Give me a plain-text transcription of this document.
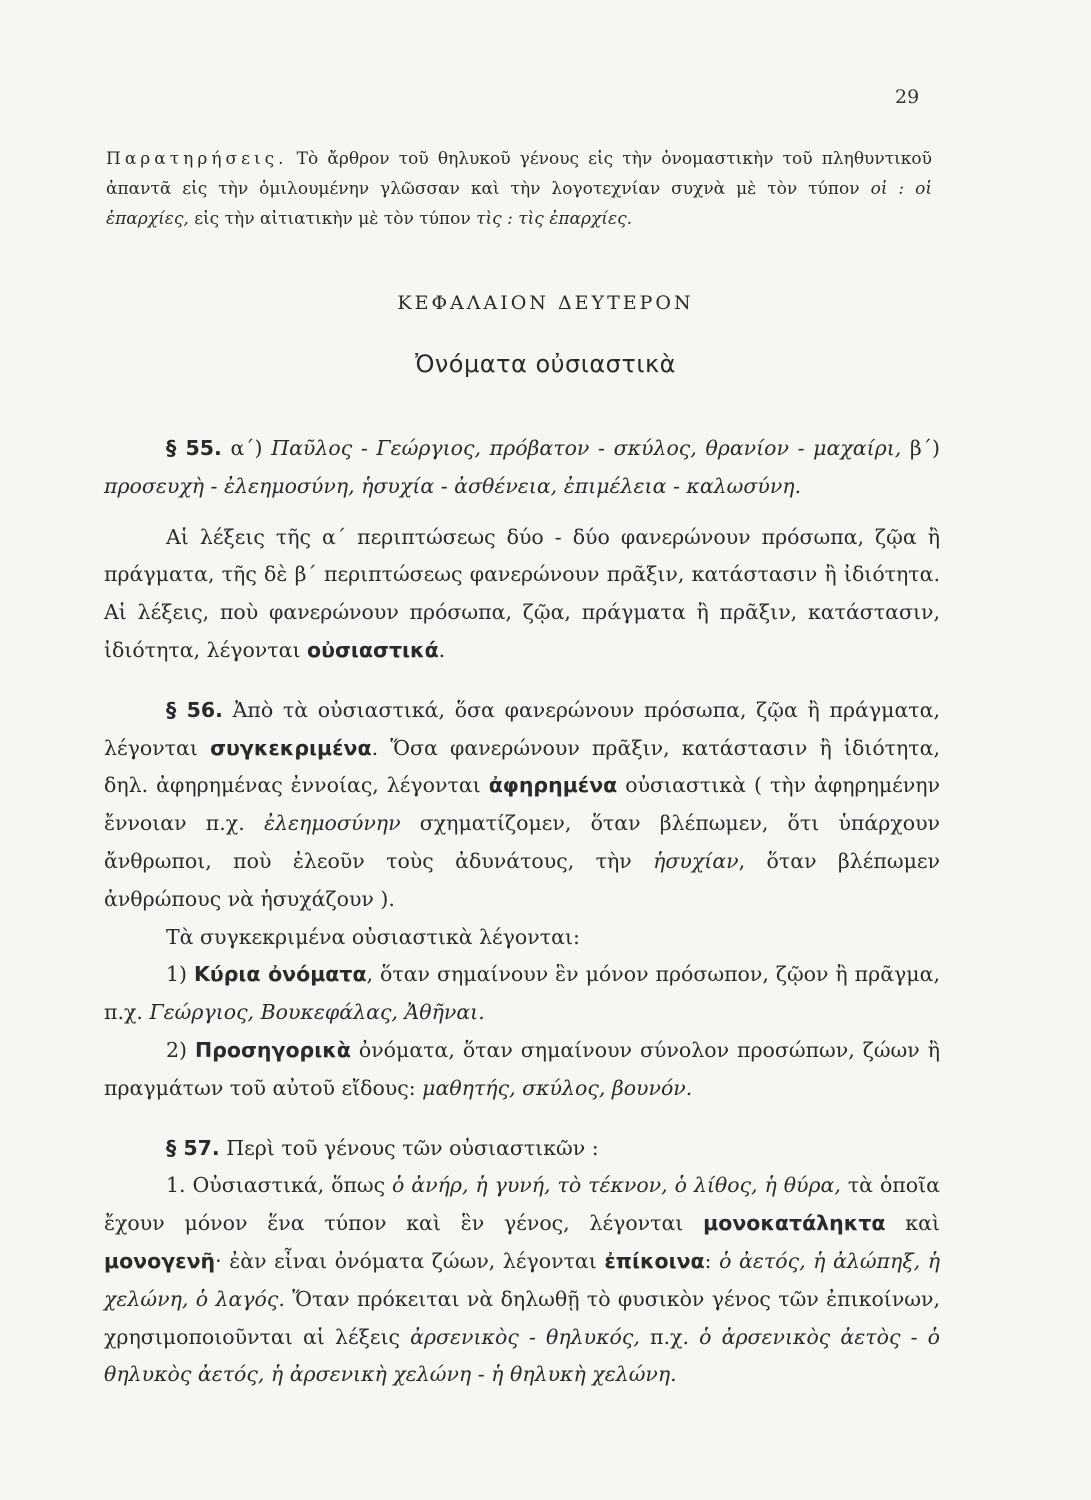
29
Παρατηρήσεις. Τὸ ἄρθρον τοῦ θηλυκοῦ γένους εἰς τὴν ὀνομαστικὴν τοῦ πληθυντικοῦ ἀπαντᾶ εἰς τὴν ὁμιλουμένην γλῶσσαν καὶ τὴν λογοτεχνίαν συχνὰ μὲ τὸν τύπον οἱ : οἱ ἐπαρχίες, εἰς τὴν αἰτιατικὴν μὲ τὸν τύπον τὶς : τὶς ἐπαρχίες.
ΚΕΦΑΛΑΙΟΝ ΔΕΥΤΕΡΟΝ
Ὀνόματα οὐσιαστικὰ

§ 55. α΄) Παῦλος - Γεώργιος, πρόβατον - σκύλος, θρανίον - μαχαίρι, β΄) προσευχὴ - ἐλεημοσύνη, ἡσυχία - ἀσθένεια, ἐπιμέλεια - καλωσύνη.

Αἱ λέξεις τῆς α΄ περιπτώσεως δύο - δύο φανερώνουν πρόσωπα, ζῷα ἢ πράγματα, τῆς δὲ β΄ περιπτώσεως φανερώνουν πρᾶξιν, κατάστασιν ἢ ἰδιότητα. Αἱ λέξεις, ποὺ φανερώνουν πρόσωπα, ζῷα, πράγματα ἢ πρᾶξιν, κατάστασιν, ἰδιότητα, λέγονται οὐσιαστικά.

§ 56. Ἀπὸ τὰ οὐσιαστικά, ὅσα φανερώνουν πρόσωπα, ζῷα ἢ πράγματα, λέγονται συγκεκριμένα. Ὅσα φανερώνουν πρᾶξιν, κατάστασιν ἢ ἰδιότητα, δηλ. ἀφηρημένας ἐννοίας, λέγονται ἀφηρημένα οὐσιαστικὰ ( τὴν ἀφηρημένην ἔννοιαν π.χ. ἐλεημοσύνην σχηματίζομεν, ὅταν βλέπωμεν, ὅτι ὑπάρχουν ἄνθρωποι, ποὺ ἐλεοῦν τοὺς ἀδυνάτους, τὴν ἡσυχίαν, ὅταν βλέπωμεν ἀνθρώπους νὰ ἡσυχάζουν ).

Τὰ συγκεκριμένα οὐσιαστικὰ λέγονται:

1) Κύρια ὀνόματα, ὅταν σημαίνουν ἓν μόνον πρόσωπον, ζῷον ἢ πρᾶγμα, π.χ. Γεώργιος, Βουκεφάλας, Ἀθῆναι.

2) Προσηγορικὰ ὀνόματα, ὅταν σημαίνουν σύνολον προσώπων, ζώων ἢ πραγμάτων τοῦ αὐτοῦ εἴδους: μαθητής, σκύλος, βουνόν.

§ 57. Περὶ τοῦ γένους τῶν οὐσιαστικῶν :

1. Οὐσιαστικά, ὅπως ὁ ἀνήρ, ἡ γυνή, τὸ τέκνον, ὁ λίθος, ἡ θύρα, τὰ ὁποῖα ἔχουν μόνον ἕνα τύπον καὶ ἓν γένος, λέγονται μονοκατάληκτα καὶ μονογενῆ· ἐὰν εἶναι ὀνόματα ζώων, λέγονται ἐπίκοινα: ὁ ἀετός, ἡ ἀλώπηξ, ἡ χελώνη, ὁ λαγός. Ὅταν πρόκειται νὰ δηλωθῇ τὸ φυσικὸν γένος τῶν ἐπικοίνων, χρησιμοποιοῦνται αἱ λέξεις ἀρσενικὸς - θηλυκός, π.χ. ὁ ἀρσενικὸς ἀετὸς - ὁ θηλυκὸς ἀετός, ἡ ἀρσενικὴ χελώνη - ἡ θηλυκὴ χελώνη.
